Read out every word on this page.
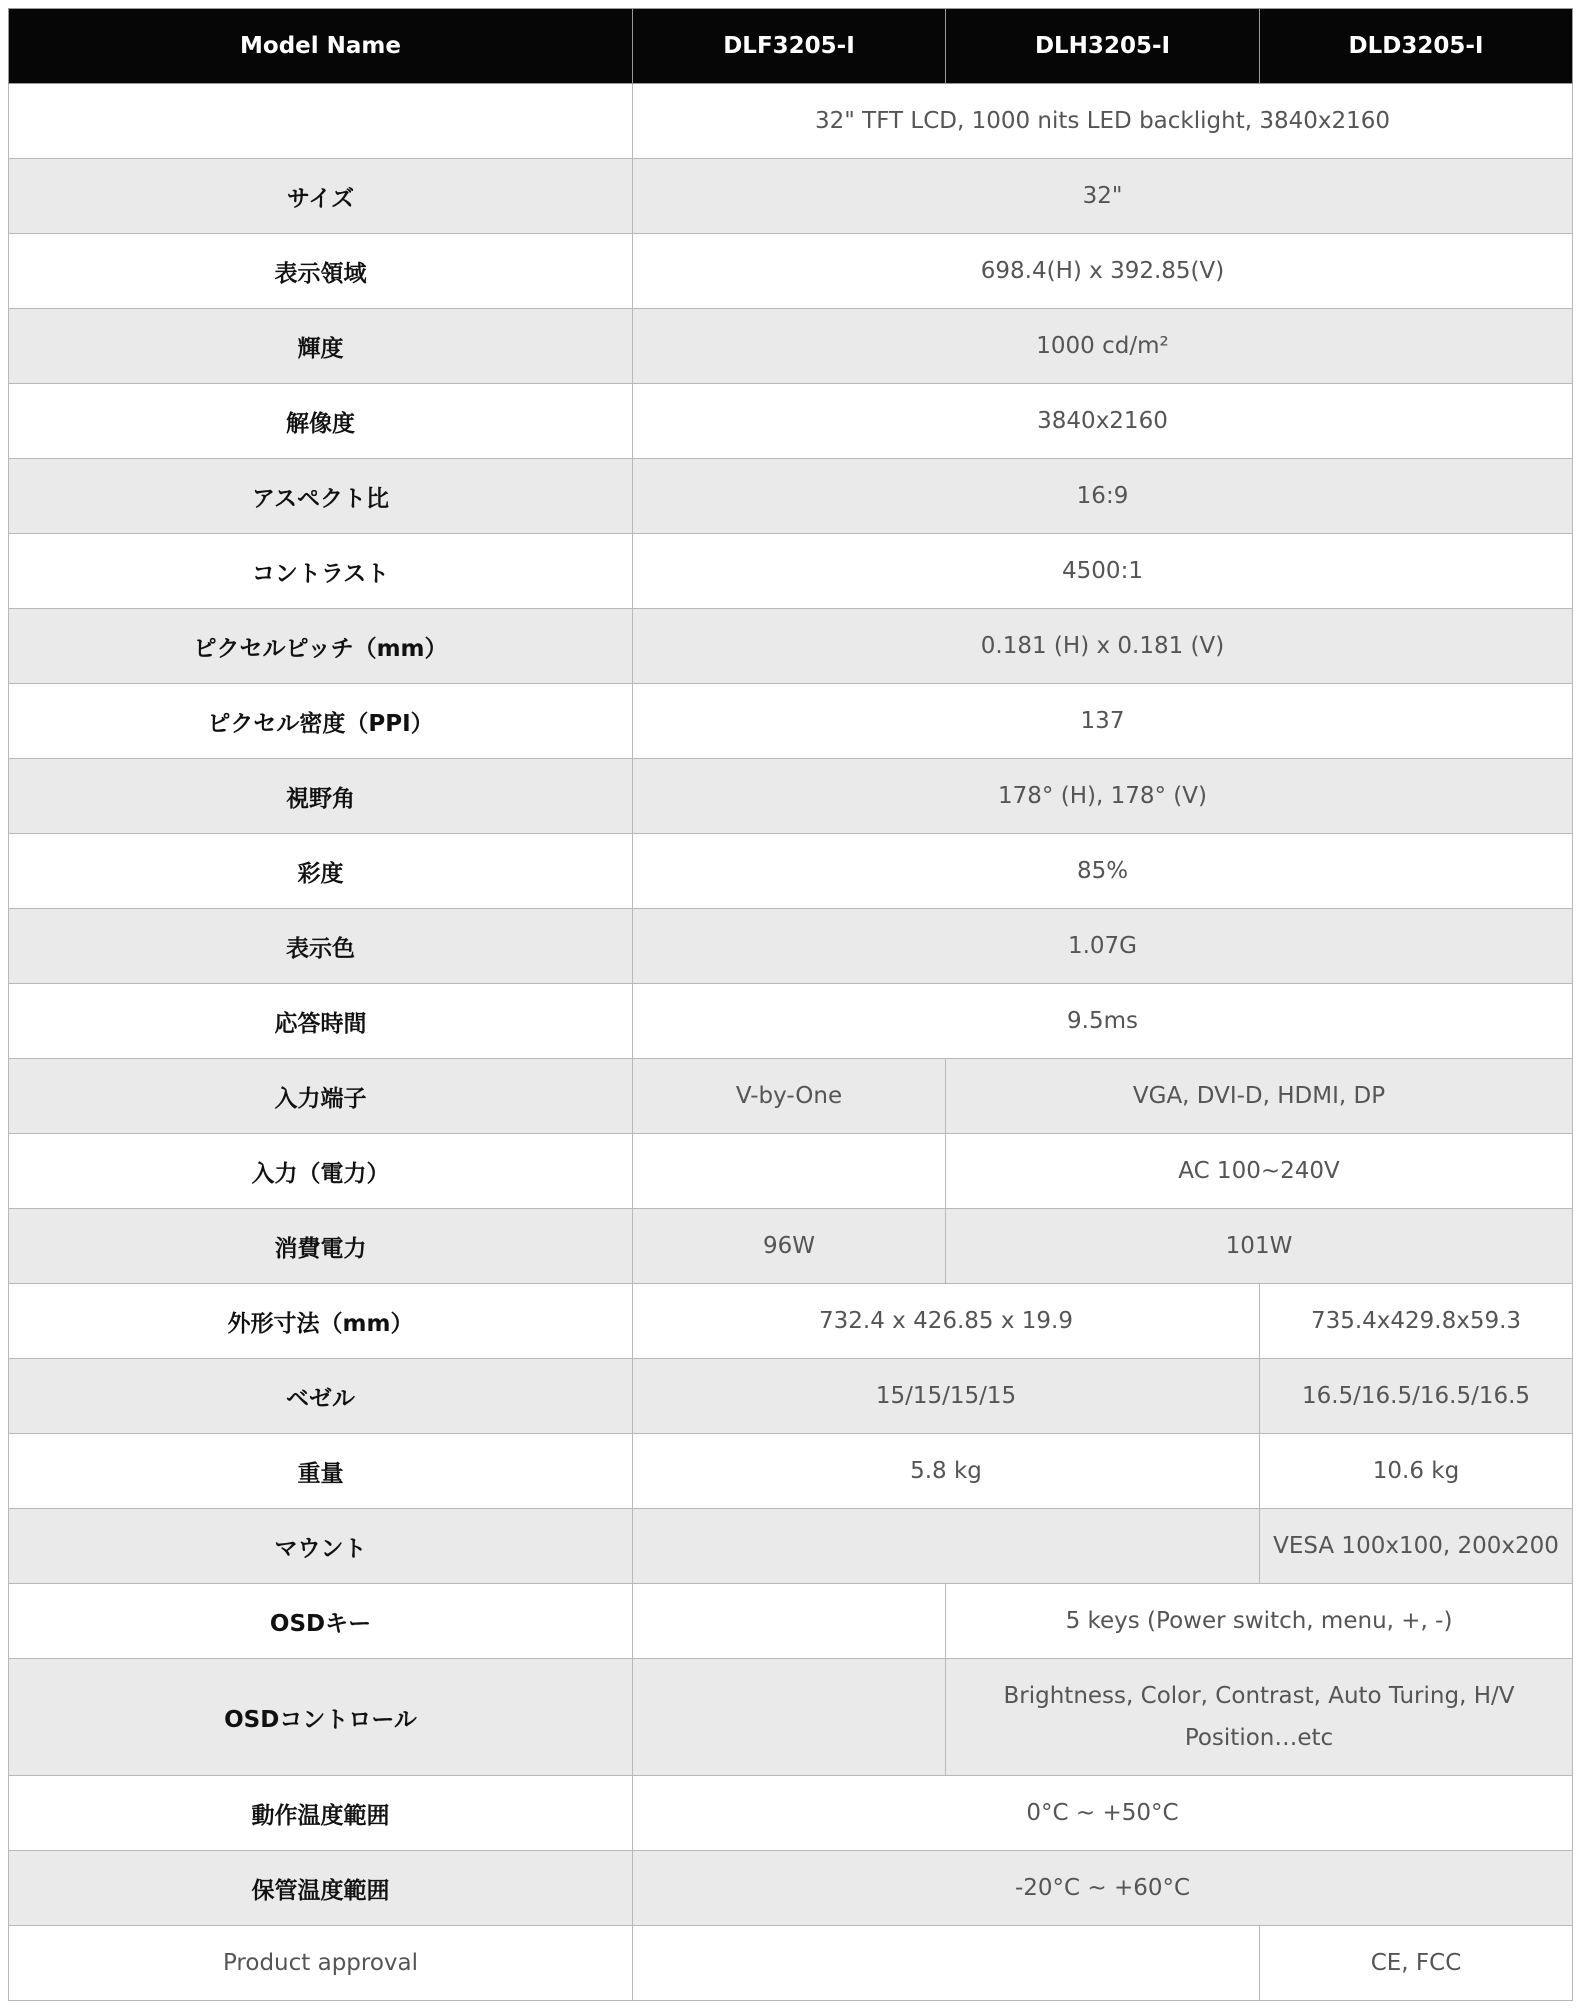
Model Name	DLF3205-I	DLH3205-I	DLD3205-I
	32" TFT LCD, 1000 nits LED backlight, 3840x2160		
サイズ	32"		
表示領域	698.4(H) x 392.85(V)		
輝度	1000 cd/m²		
解像度	3840x2160		
アスペクト比	16:9		
コントラスト	4500:1		
ピクセルピッチ（mm）	0.181 (H) x 0.181 (V)		
ピクセル密度（PPI）	137		
視野角	178° (H), 178° (V)		
彩度	85%		
表示色	1.07G		
応答時間	9.5ms		
入力端子	V-by-One	VGA, DVI-D, HDMI, DP	
入力（電力）		AC 100~240V	
消費電力	96W	101W	
外形寸法（mm）	732.4 x 426.85 x 19.9		735.4x429.8x59.3
ベゼル	15/15/15/15		16.5/16.5/16.5/16.5
重量	5.8 kg		10.6 kg
マウント			VESA 100x100, 200x200
OSDキー		5 keys (Power switch, menu, +, -)	
OSDコントロール		Brightness, Color, Contrast, Auto Turing, H/V Position…etc	
動作温度範囲	0°C ~ +50°C		
保管温度範囲	-20°C ~ +60°C		
Product approval			CE, FCC
